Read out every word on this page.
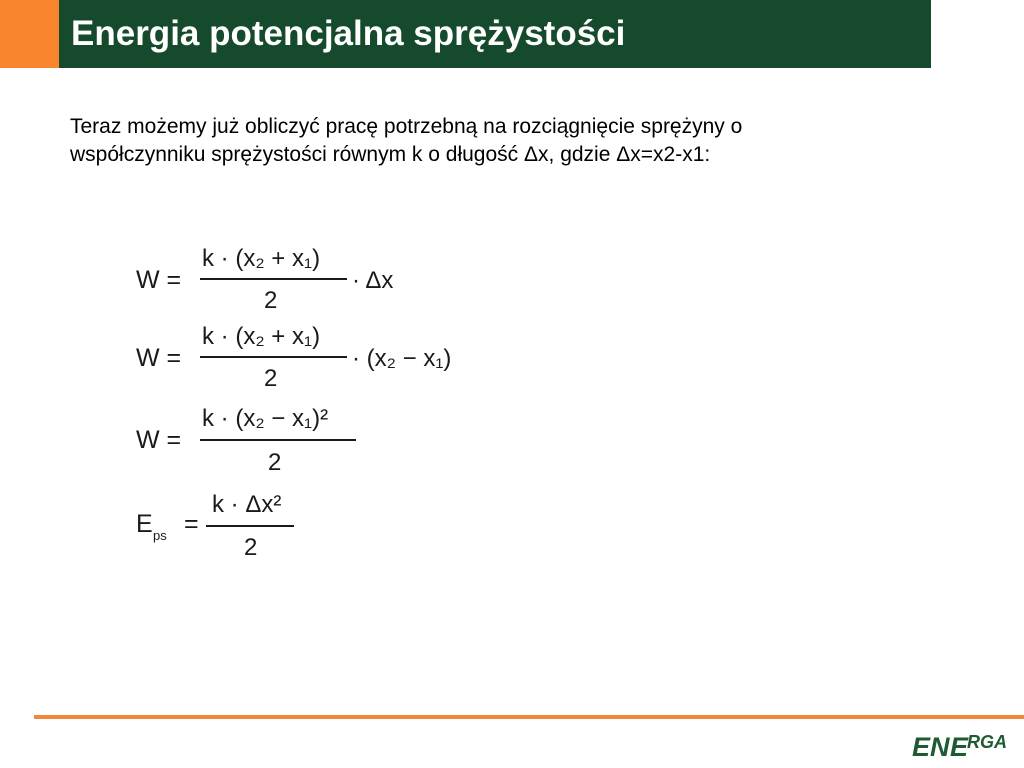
Energia potencjalna sprężystości

Teraz możemy już obliczyć pracę potrzebną na rozciągnięcie sprężyny o
współczynniku sprężystości równym k o długość Δx, gdzie Δx=x2-x1:

W =
k · (x₂ + x₁)
2
· Δx
W =
k · (x₂ + x₁)
2
· (x₂ − x₁)
W =
k · (x₂ − x₁)²
2
E ps =
k · Δx²
2
EN E
RGA
